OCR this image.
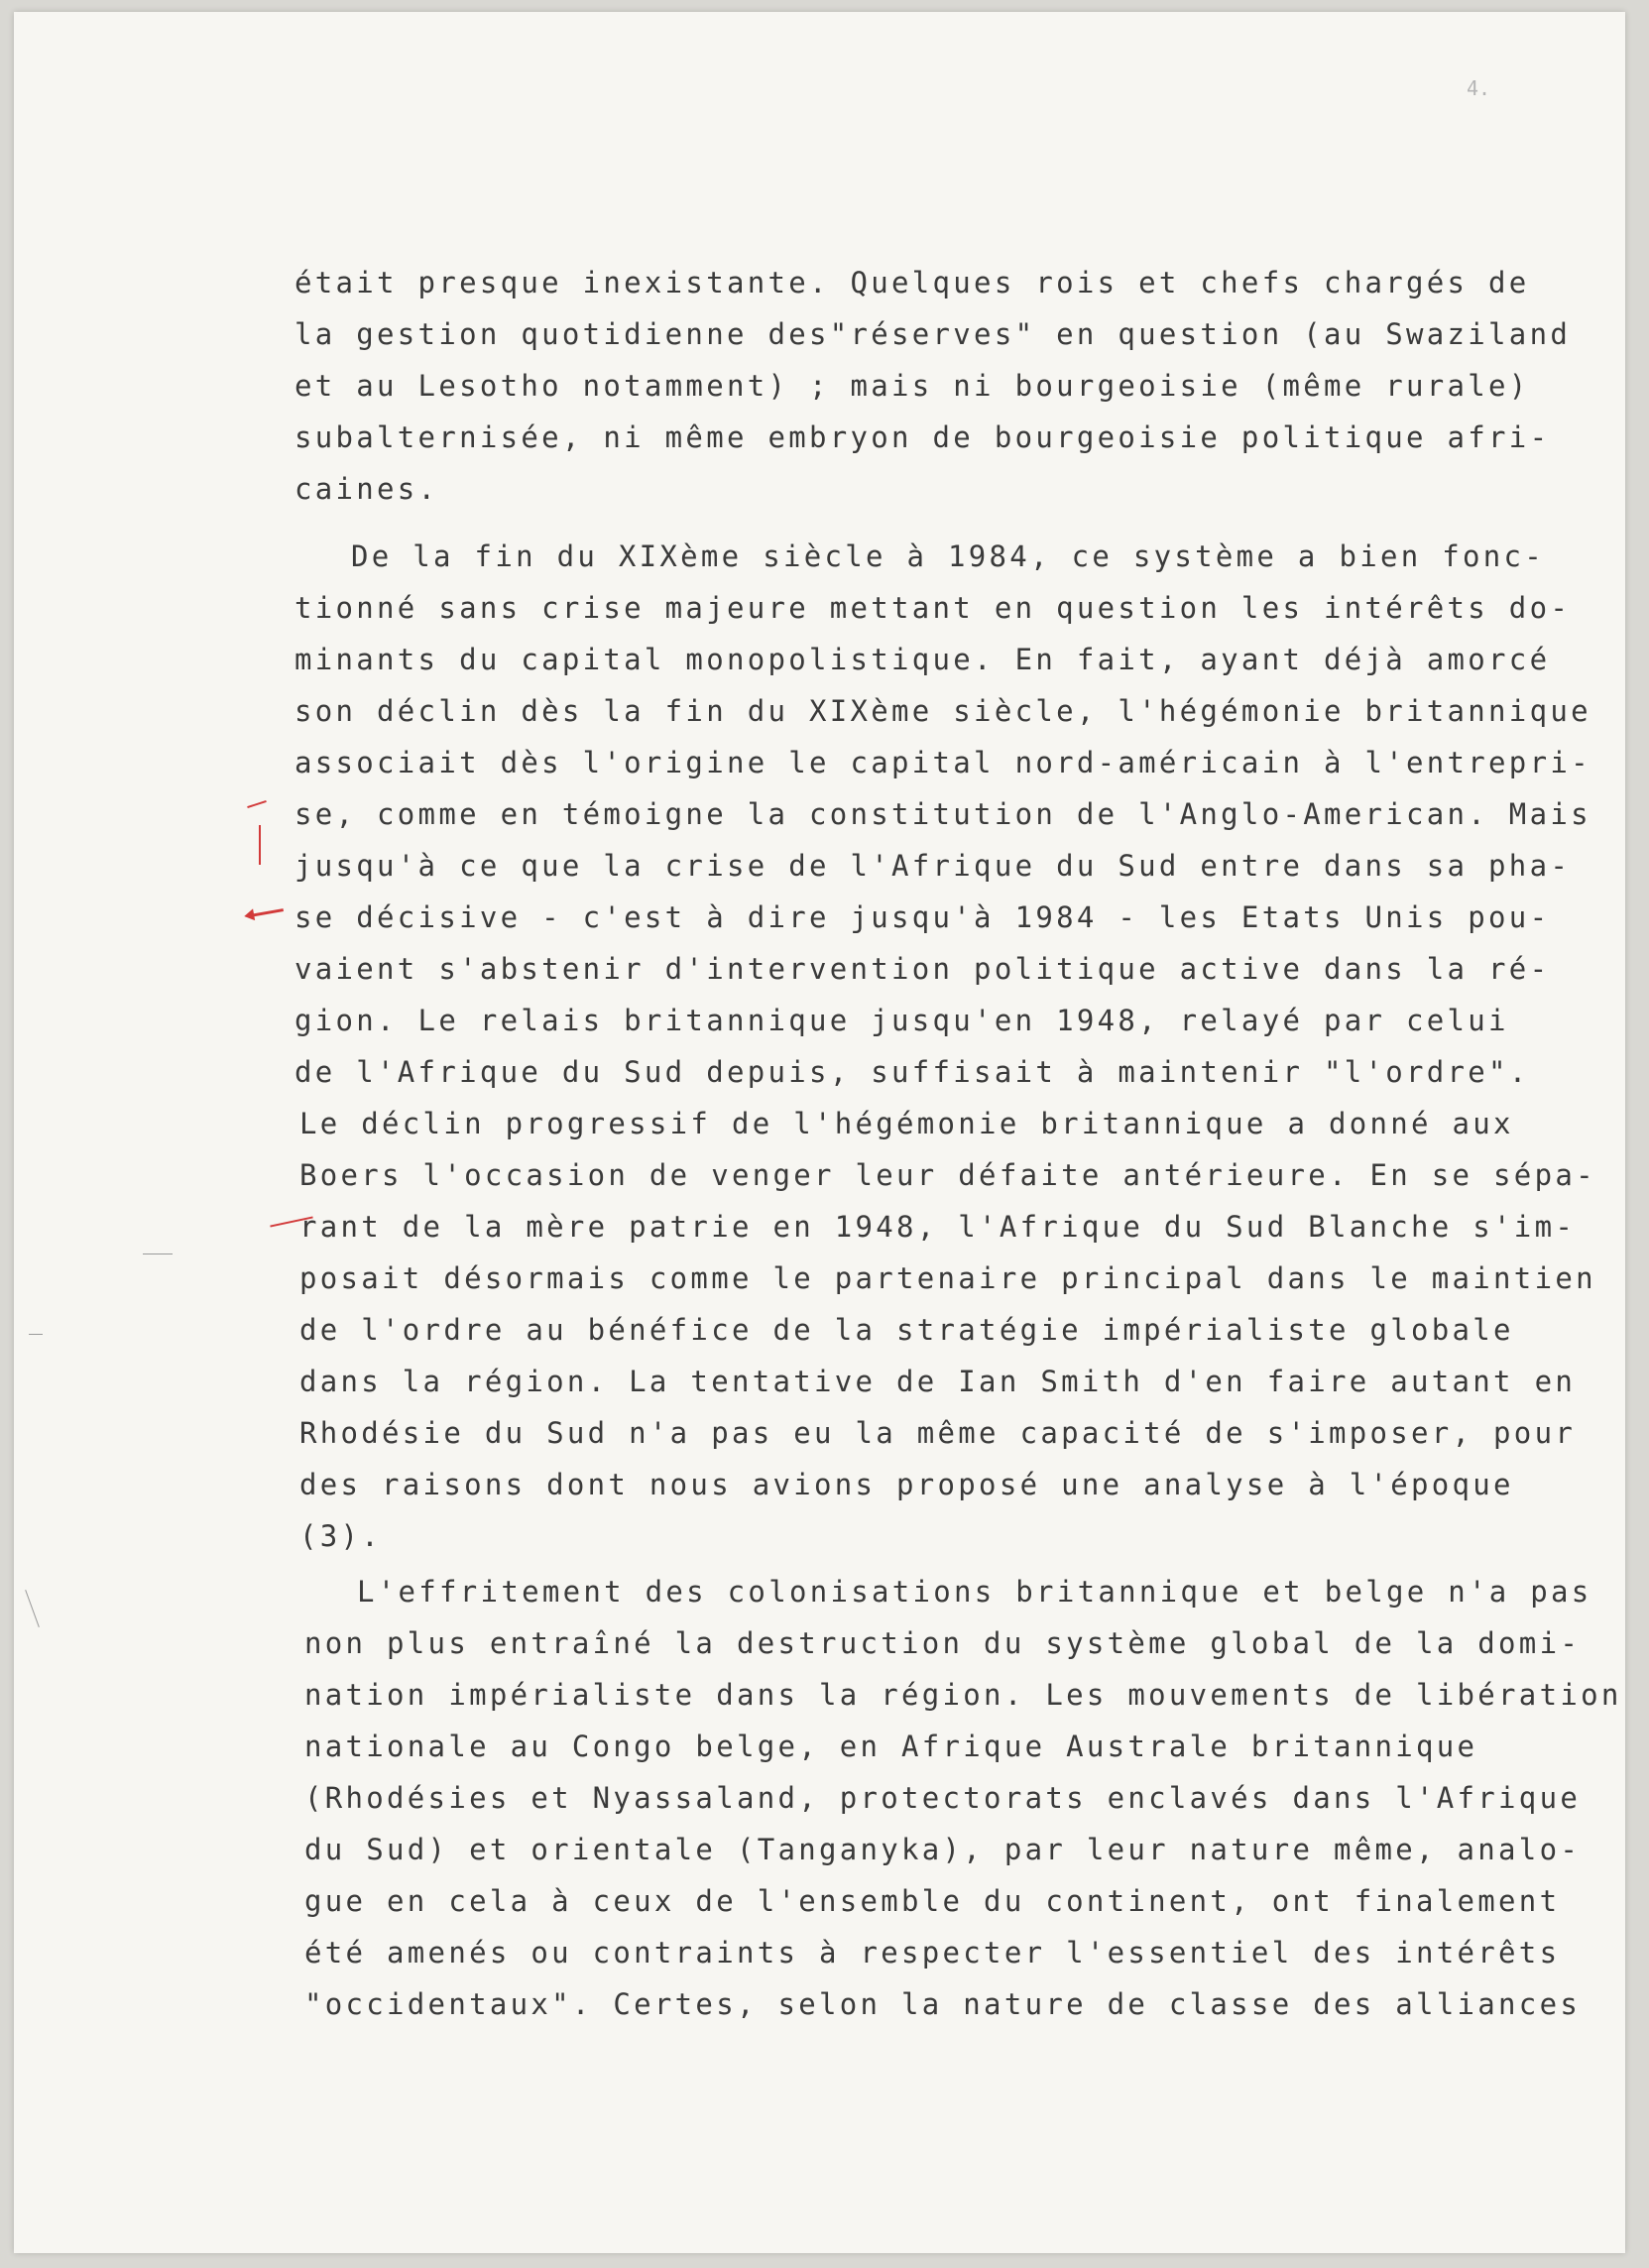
4.

était presque inexistante. Quelques rois et chefs chargés de

la gestion quotidienne des"réserves" en question (au Swaziland

et au Lesotho notamment) ; mais ni bourgeoisie (même rurale)

subalternisée, ni même embryon de bourgeoisie politique afri-

caines.

De la fin du XIXème siècle à 1984, ce système a bien fonc-

tionné sans crise majeure mettant en question les intérêts do-

minants du capital monopolistique. En fait, ayant déjà amorcé

son déclin dès la fin du XIXème siècle, l'hégémonie britannique

associait dès l'origine le capital nord-américain à l'entrepri-

se, comme en témoigne la constitution de l'Anglo-American. Mais

jusqu'à ce que la crise de l'Afrique du Sud entre dans sa pha-

se décisive - c'est à dire jusqu'à 1984 - les Etats Unis pou-

vaient s'abstenir d'intervention politique active dans la ré-

gion. Le relais britannique jusqu'en 1948, relayé par celui

de l'Afrique du Sud depuis, suffisait à maintenir "l'ordre".

Le déclin progressif de l'hégémonie britannique a donné aux

Boers l'occasion de venger leur défaite antérieure. En se sépa-

rant de la mère patrie en 1948, l'Afrique du Sud Blanche s'im-

posait désormais comme le partenaire principal dans le maintien

de l'ordre au bénéfice de la stratégie impérialiste globale

dans la région. La tentative de Ian Smith d'en faire autant en

Rhodésie du Sud n'a pas eu la même capacité de s'imposer, pour

des raisons dont nous avions proposé une analyse à l'époque

(3).

L'effritement des colonisations britannique et belge n'a pas

non plus entraîné la destruction du système global de la domi-

nation impérialiste dans la région. Les mouvements de libération

nationale au Congo belge, en Afrique Australe britannique

(Rhodésies et Nyassaland, protectorats enclavés dans l'Afrique

du Sud) et orientale (Tanganyka), par leur nature même, analo-

gue en cela à ceux de l'ensemble du continent, ont finalement

été amenés ou contraints à respecter l'essentiel des intérêts

"occidentaux". Certes, selon la nature de classe des alliances
